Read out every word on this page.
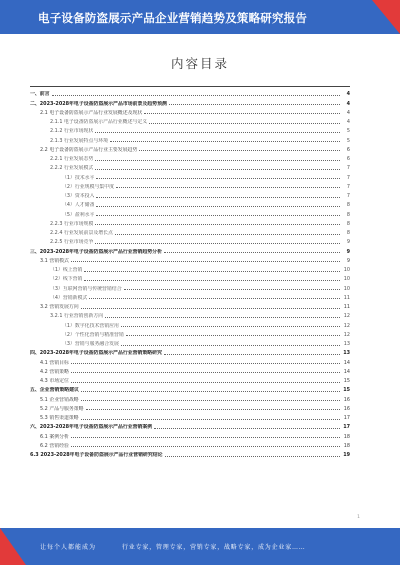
电子设备防盗展示产品企业营销趋势及策略研究报告
内容目录
一、前言	4
二、2023-2028年电子设备防盗展示产品市场前景及趋势预测	4
2.1 电子设备防盗展示产品行业发展概述及现状	4
2.1.1 电子设备防盗展示产品行业概述与定义	4
2.1.2 行业市场现状	5
2.1.3 行业发展特点与环境	5
2.2 电子设备防盗展示产品行业主要发展趋势	6
2.2.1 行业发展态势	6
2.2.2 行业发展模式	7
（1）技术水平	7
（2）行业规模与集中度	7
（3）资本投入	7
（4）人才储备	8
（5）盈利水平	8
2.2.3 行业市场规模	8
2.2.4 行业发展前景及增长点	8
2.2.5 行业市场竞争	9
三、2023-2028年电子设备防盗展示产品行业营销趋势分析	9
3.1 营销模式	9
（1）线上营销	10
（2）线下营销	10
（3）互联网营销与传统营销结合	10
（4）营销新模式	11
3.2 营销发展方向	11
3.2.1 行业营销创新方向	12
（1）数字化技术营销应用	12
（2）个性化营销与精准营销	12
（3）营销与服务融合发展	13
四、2023-2028年电子设备防盗展示产品行业营销策略研究	13
4.1 营销目标	14
4.2 营销策略	14
4.3 市场定位	15
五、企业营销策略建议	15
5.1 企业营销战略	16
5.2 产品与服务策略	16
5.3 销售渠道策略	17
六、2023-2028年电子设备防盗展示产品行业营销案例	17
6.1 案例分析	18
6.2 营销经验	18
6.3 2023-2028年电子设备防盗展示产品行业营销研究结论	19
1
让每个人都能成为	行业专家，管理专家，营销专家，战略专家，成为企业家……
